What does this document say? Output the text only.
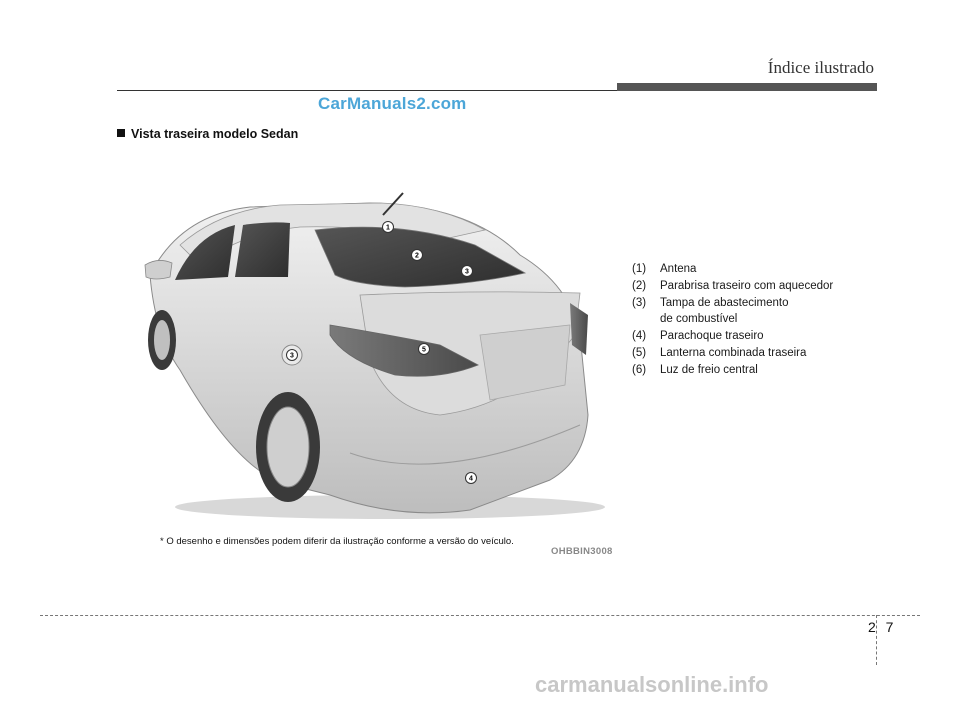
Índice ilustrado
CarManuals2.com
Vista traseira modelo Sedan
1
2
3
3
4
5
(1)	Antena
(2)	Parabrisa traseiro com aquecedor
(3)	Tampa de abastecimento de combustível
(4)	Parachoque traseiro
(5)	Lanterna combinada traseira
(6)	Luz de freio central
* O desenho e dimensões podem diferir da ilustração conforme a versão do veículo.
OHBBIN3008
2 7
carmanualsonline.info
